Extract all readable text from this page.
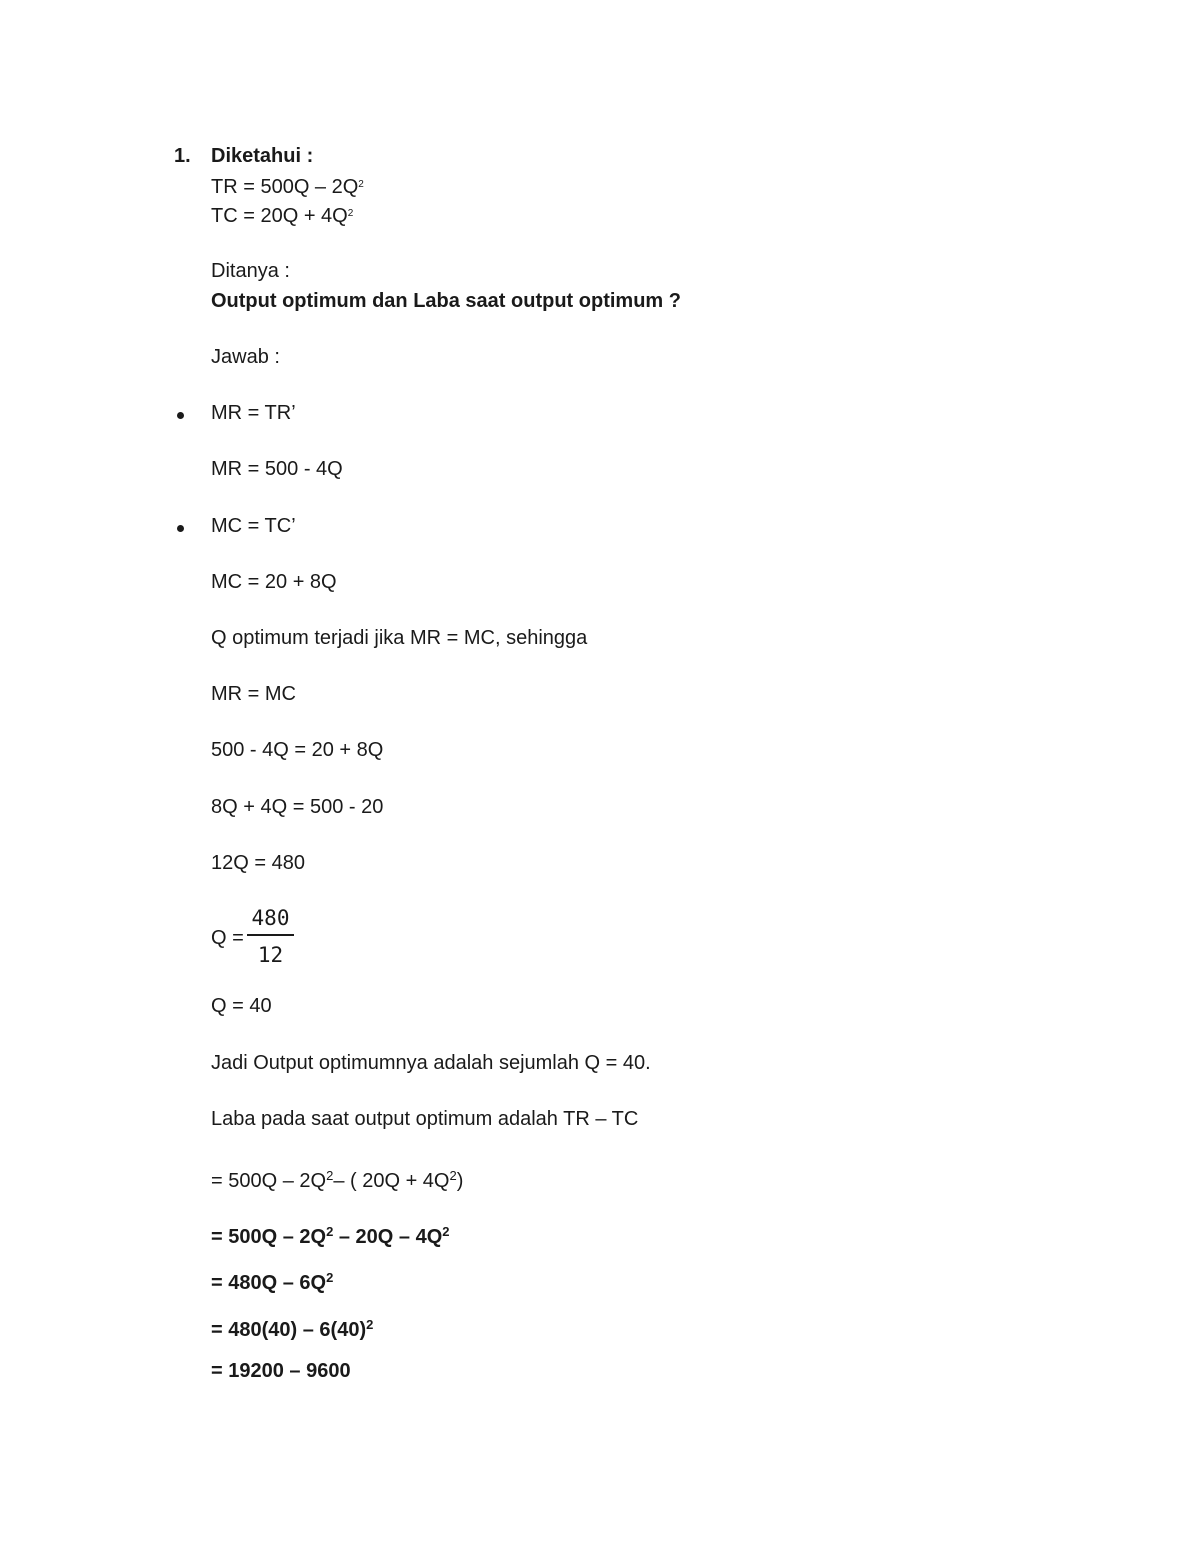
1. Diketahui :
TR = $500Q - 2Q^2$
TC = $20Q + 4Q^2$
Ditanya :
Output optimum dan Laba saat output optimum ?
Jawab :
MR = TR’
MR = 500 - 4Q
MC = TC’
MC = 20 + 8Q
Q optimum terjadi jika MR = MC, sehingga
MR = MC
500 - 4Q = 20 + 8Q
8Q + 4Q = 500 - 20
12Q = 480
Q =
480
12
Q = 40
Jadi Output optimumnya adalah sejumlah Q = 40.
Laba pada saat output optimum adalah TR – TC
= $500Q - 2Q^2-$ ( $20Q + 4Q^2$)
= $500Q - 2Q^2 - 20Q - 4Q^2$
= $480Q - 6Q^2$
= $480(40) - 6(40)^2$
= 19200 – 9600
